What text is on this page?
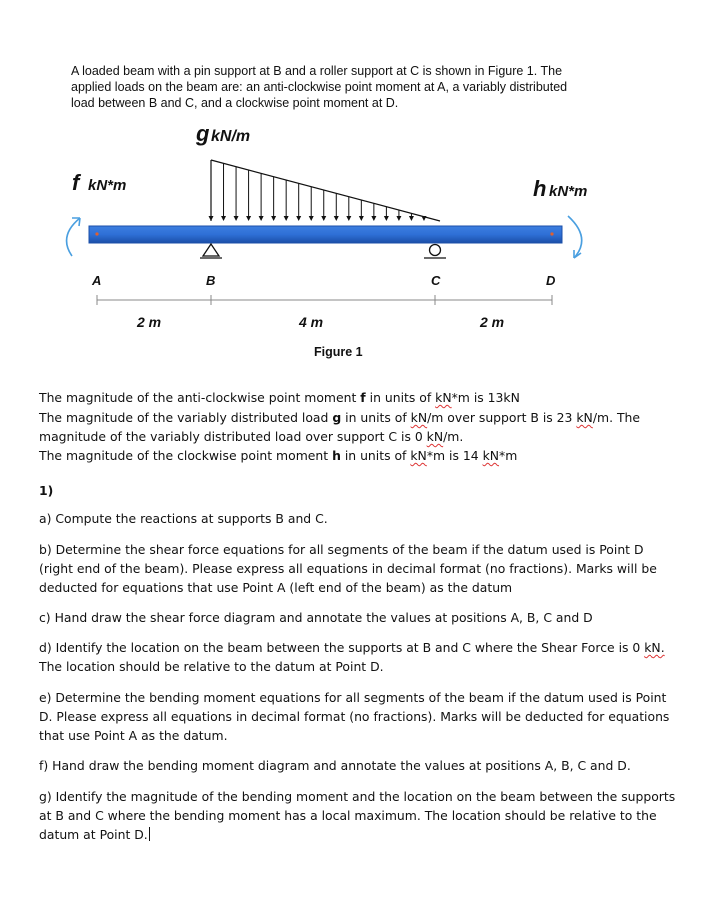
A loaded beam with a pin support at B and a roller support at C is shown in Figure 1. The
applied loads on the beam are: an anti-clockwise point moment at A, a variably distributed
load between B and C, and a clockwise point moment at D.
g kN/m
f kN*m	h kN*m
A	B	C	D
2 m	4 m	2 m
Figure 1

The magnitude of the anti-clockwise point moment f in units of kN*m is 13kN

The magnitude of the variably distributed load g in units of kN/m over support B is 23 kN/m. The

magnitude of the variably distributed load over support C is 0 kN/m.

The magnitude of the clockwise point moment h in units of kN*m is 14 kN*m

1)

a) Compute the reactions at supports B and C.

b) Determine the shear force equations for all segments of the beam if the datum used is Point D (right end of the beam). Please express all equations in decimal format (no fractions). Marks will be deducted for equations that use Point A (left end of the beam) as the datum

c) Hand draw the shear force diagram and annotate the values at positions A, B, C and D

d) Identify the location on the beam between the supports at B and C where the Shear Force is 0 kN. The location should be relative to the datum at Point D.

e) Determine the bending moment equations for all segments of the beam if the datum used is Point D. Please express all equations in decimal format (no fractions). Marks will be deducted for equations that use Point A as the datum.

f) Hand draw the bending moment diagram and annotate the values at positions A, B, C and D.

g) Identify the magnitude of the bending moment and the location on the beam between the supports at B and C where the bending moment has a local maximum. The location should be relative to the datum at Point D.
